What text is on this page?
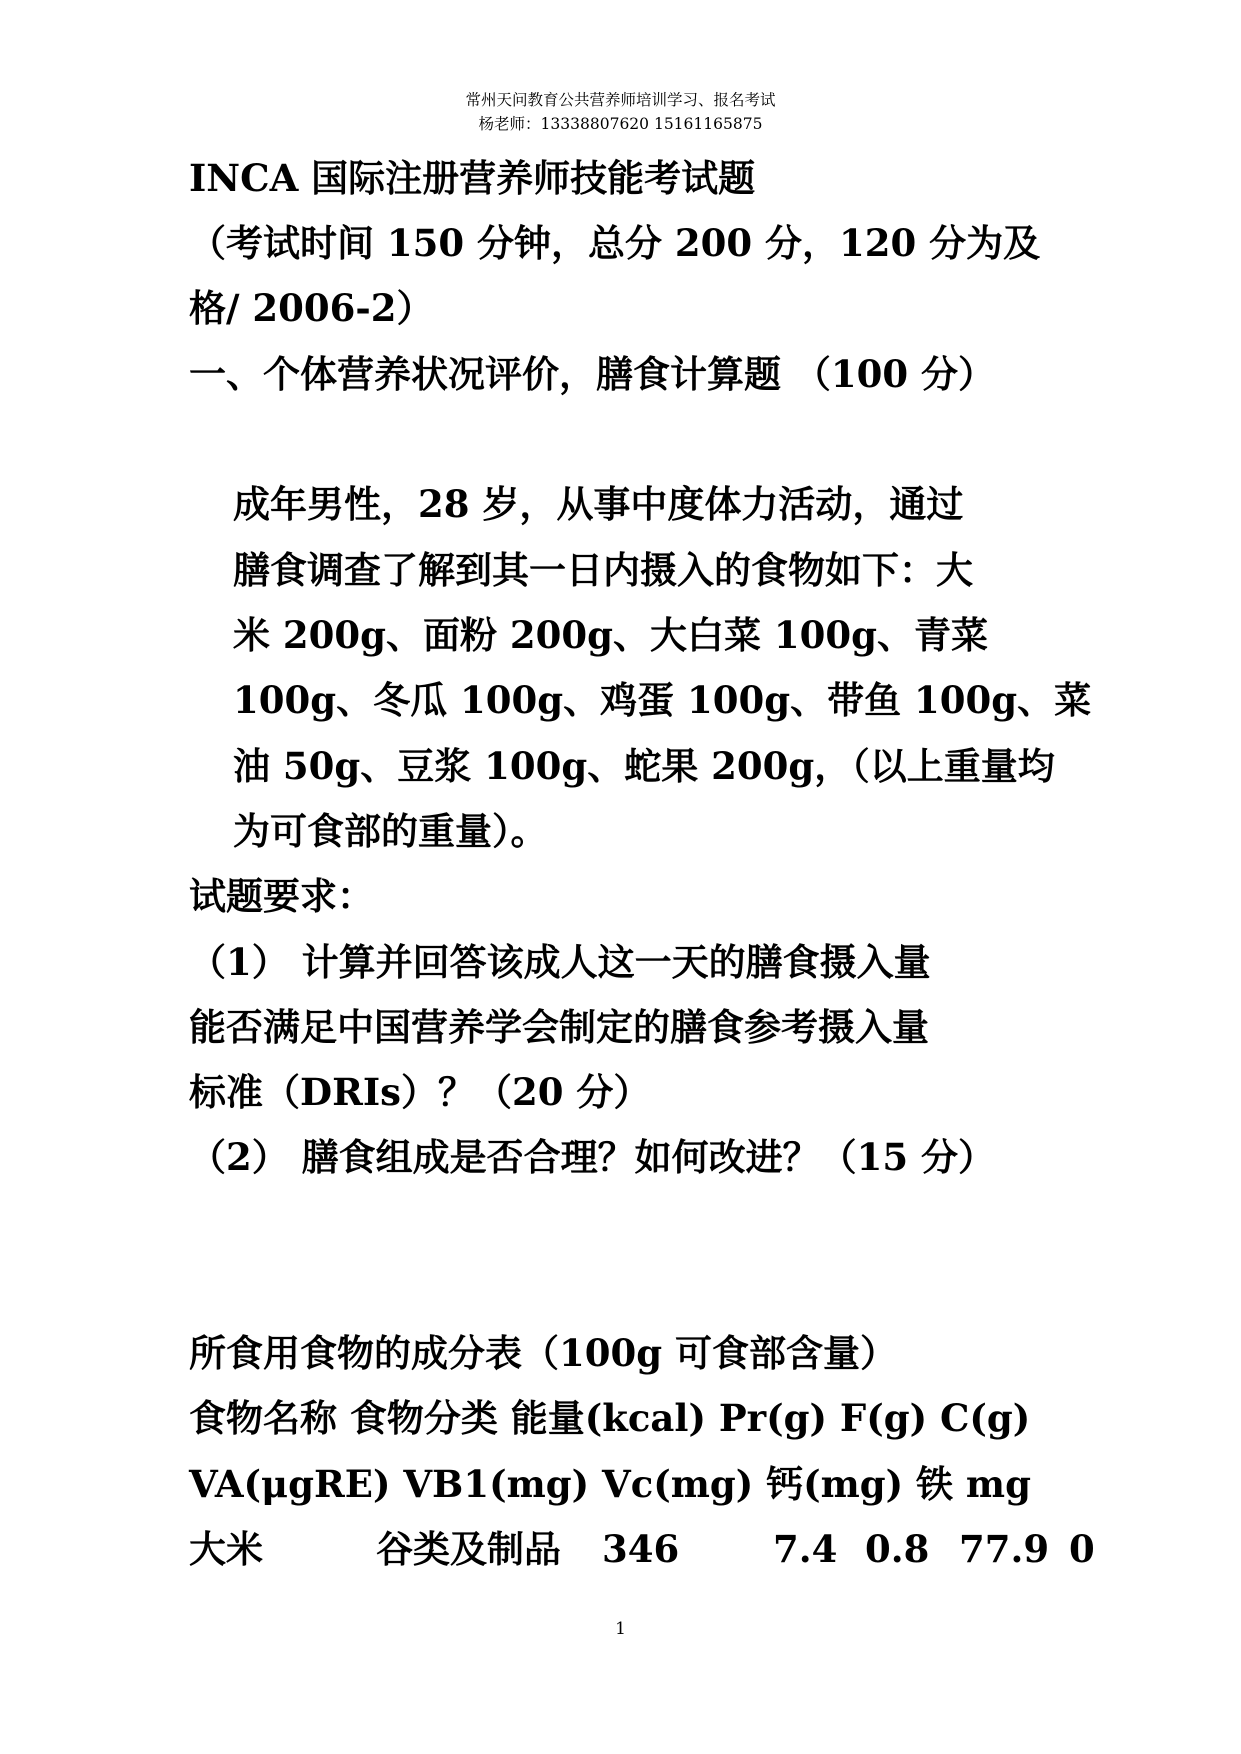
常州天问教育公共营养师培训学习、报名考试
杨老师：13338807620 15161165875
INCA 国际注册营养师技能考试题
（考试时间 150 分钟，总分 200 分，120 分为及
格/ 2006-2）
一、个体营养状况评价，膳食计算题 （100 分）
成年男性，28 岁，从事中度体力活动，通过
膳食调查了解到其一日内摄入的食物如下：大
米 200g、面粉 200g、大白菜 100g、青菜
100g、冬瓜 100g、鸡蛋 100g、带鱼 100g、菜
油 50g、豆浆 100g、蛇果 200g，（以上重量均
为可食部的重量）。
试题要求：
（1） 计算并回答该成人这一天的膳食摄入量
能否满足中国营养学会制定的膳食参考摄入量
标准（DRIs）？（20 分）
（2） 膳食组成是否合理？如何改进？（15 分）
所食用食物的成分表（100g 可食部含量）
食物名称 食物分类 能量(kcal) Pr(g) F(g) C(g)
VA(μgRE) VB1(mg) Vc(mg) 钙(mg) 铁 mg
大米	谷类及制品 346	7.4 0.8 77.9 0
1
